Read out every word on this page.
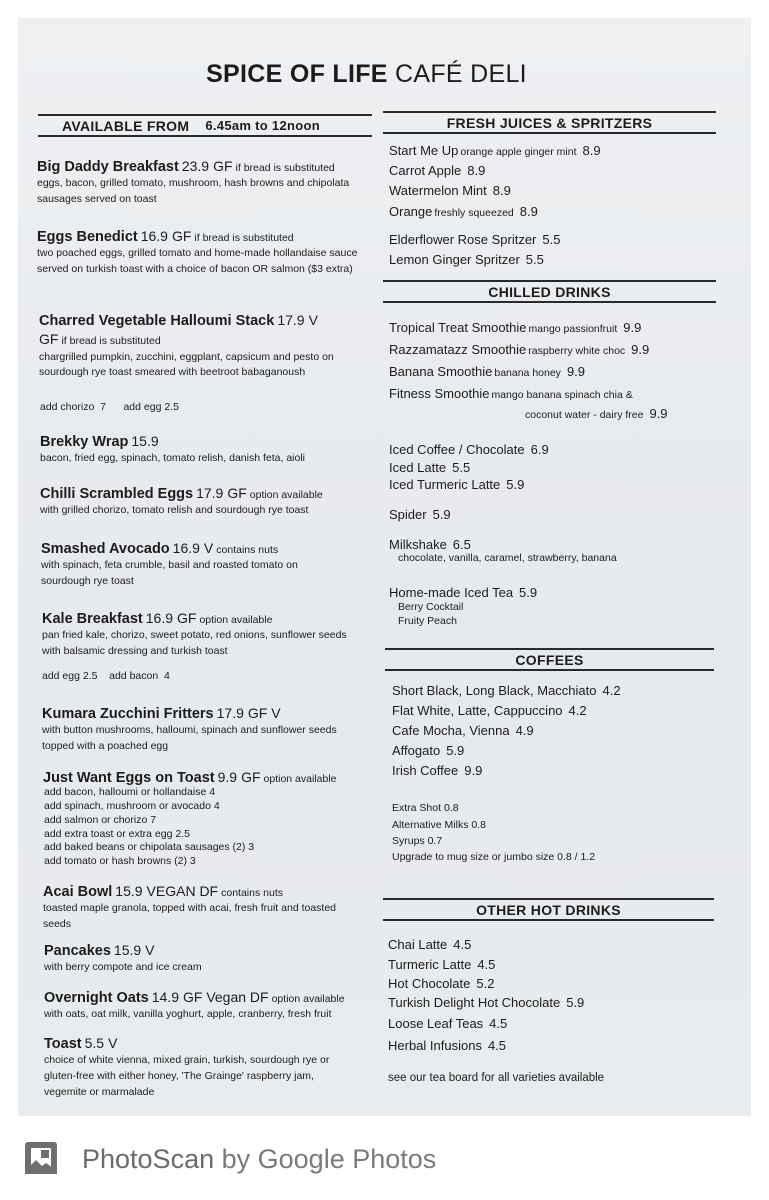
SPICE OF LIFE CAFÉ DELI
AVAILABLE FROM 6.45am to 12noon
Big Daddy Breakfast 23.9 GF if bread is substituted
eggs, bacon, grilled tomato, mushroom, hash browns and chipolata sausages served on toast
Eggs Benedict 16.9 GF if bread is substituted
two poached eggs, grilled tomato and home-made hollandaise sauce served on turkish toast with a choice of bacon OR salmon ($3 extra)
Charred Vegetable Halloumi Stack 17.9 V
GF if bread is substituted
chargrilled pumpkin, zucchini, eggplant, capsicum and pesto on sourdough rye toast smeared with beetroot babaganoush
add chorizo  7      add egg 2.5
Brekky Wrap 15.9
bacon, fried egg, spinach, tomato relish, danish feta, aioli
Chilli Scrambled Eggs 17.9 GF option available
with grilled chorizo, tomato relish and sourdough rye toast
Smashed Avocado 16.9 V contains nuts
with spinach, feta crumble, basil and roasted tomato on sourdough rye toast
Kale Breakfast 16.9 GF option available
pan fried kale, chorizo, sweet potato, red onions, sunflower seeds with balsamic dressing and turkish toast
add egg 2.5    add bacon  4
Kumara Zucchini Fritters 17.9 GF V
with button mushrooms, halloumi, spinach and sunflower seeds topped with a poached egg
Just Want Eggs on Toast 9.9 GF option available
add bacon, halloumi or hollandaise 4
add spinach, mushroom or avocado 4
add salmon or chorizo 7
add extra toast or extra egg 2.5
add baked beans or chipolata sausages (2) 3
add tomato or hash browns (2) 3
Acai Bowl 15.9 VEGAN DF contains nuts
toasted maple granola, topped with acai, fresh fruit and toasted seeds
Pancakes 15.9 V
with berry compote and ice cream
Overnight Oats 14.9 GF Vegan DF option available
with oats, oat milk, vanilla yoghurt, apple, cranberry, fresh fruit
Toast 5.5 V
choice of white vienna, mixed grain, turkish, sourdough rye or gluten-free with either honey, 'The Grainge' raspberry jam, vegemite or marmalade
FRESH JUICES & SPRITZERS
Start Me Up orange apple ginger mint 8.9
Carrot Apple 8.9
Watermelon Mint 8.9
Orange freshly squeezed 8.9
Elderflower Rose Spritzer 5.5
Lemon Ginger Spritzer 5.5
CHILLED DRINKS
Tropical Treat Smoothie mango passionfruit 9.9
Razzamatazz Smoothie raspberry white choc 9.9
Banana Smoothie banana honey 9.9
Fitness Smoothie mango banana spinach chia &
coconut water - dairy free 9.9
Iced Coffee / Chocolate 6.9
Iced Latte 5.5
Iced Turmeric Latte 5.9
Spider 5.9
Milkshake 6.5
chocolate, vanilla, caramel, strawberry, banana
Home-made Iced Tea 5.9
Berry Cocktail
Fruity Peach
COFFEES
Short Black, Long Black, Macchiato 4.2
Flat White, Latte, Cappuccino 4.2
Cafe Mocha, Vienna 4.9
Affogato 5.9
Irish Coffee 9.9
Extra Shot 0.8
Alternative Milks 0.8
Syrups 0.7
Upgrade to mug size or jumbo size 0.8 / 1.2
OTHER HOT DRINKS
Chai Latte 4.5
Turmeric Latte 4.5
Hot Chocolate 5.2
Turkish Delight Hot Chocolate 5.9
Loose Leaf Teas 4.5
Herbal Infusions 4.5
see our tea board for all varieties available
PhotoScan by Google Photos
